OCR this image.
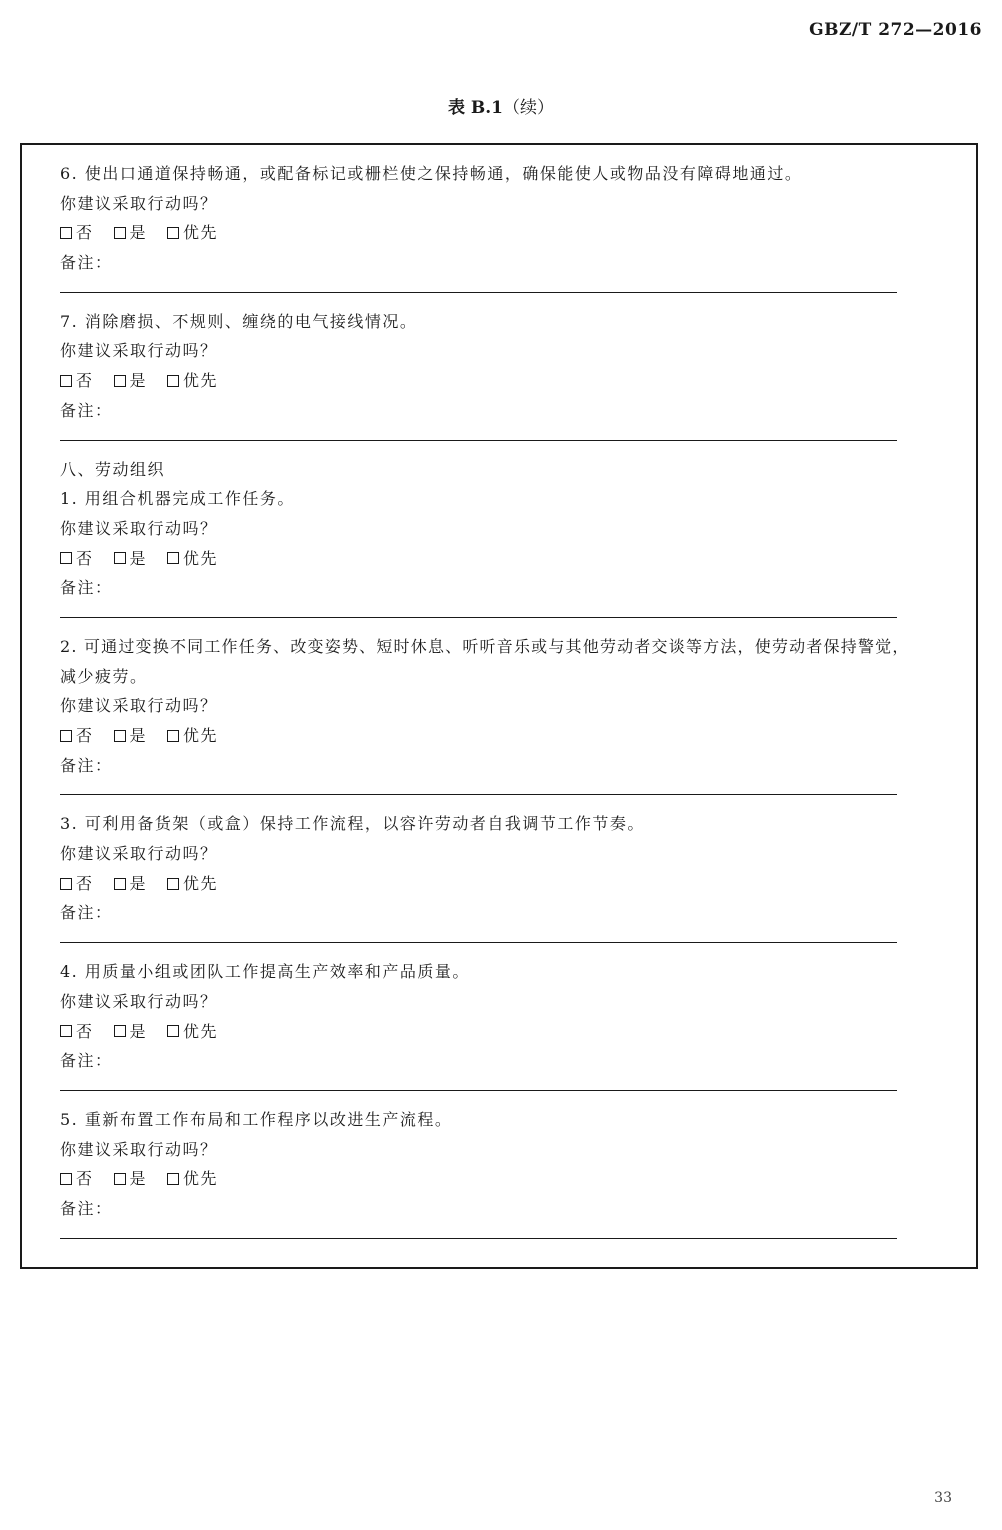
GBZ/T 272—2016
表 B.1（续）
6. 使出口通道保持畅通，或配备标记或栅栏使之保持畅通，确保能使人或物品没有障碍地通过。
你建议采取行动吗？
否 是 优先
备注：
7. 消除磨损、不规则、缠绕的电气接线情况。
你建议采取行动吗？
否 是 优先
备注：
八、劳动组织
1. 用组合机器完成工作任务。
你建议采取行动吗？
否 是 优先
备注：
2. 可通过变换不同工作任务、改变姿势、短时休息、听听音乐或与其他劳动者交谈等方法，使劳动者保持警觉，
减少疲劳。
你建议采取行动吗？
否 是 优先
备注：
3. 可利用备货架（或盒）保持工作流程，以容许劳动者自我调节工作节奏。
你建议采取行动吗？
否 是 优先
备注：
4. 用质量小组或团队工作提高生产效率和产品质量。
你建议采取行动吗？
否 是 优先
备注：
5. 重新布置工作布局和工作程序以改进生产流程。
你建议采取行动吗？
否 是 优先
备注：
33
